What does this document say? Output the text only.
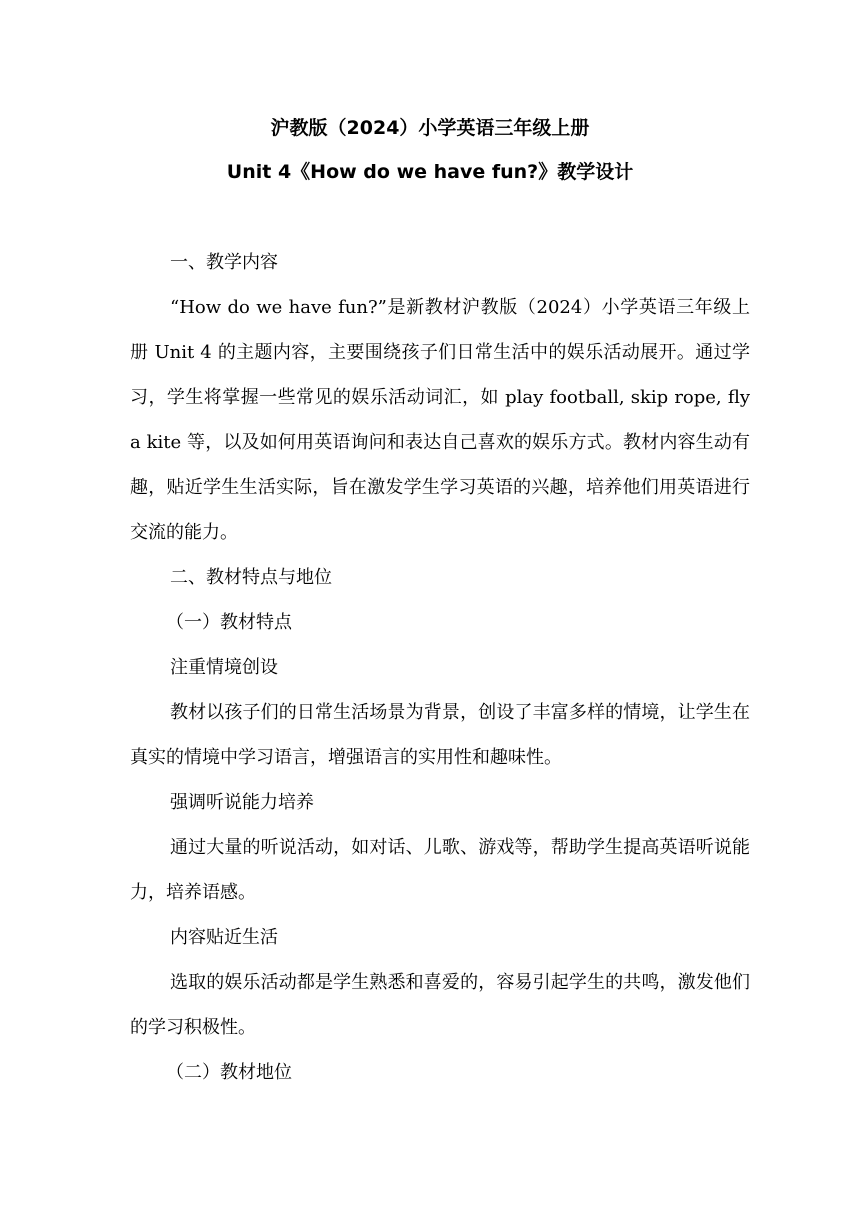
沪教版（2024）小学英语三年级上册
Unit 4《How do we have fun?》教学设计
一、教学内容
“How do we have fun?”是新教材沪教版（2024）小学英语三年级上册 Unit 4 的主题内容，主要围绕孩子们日常生活中的娱乐活动展开。通过学习，学生将掌握一些常见的娱乐活动词汇，如 play football, skip rope, fly a kite 等，以及如何用英语询问和表达自己喜欢的娱乐方式。教材内容生动有趣，贴近学生生活实际，旨在激发学生学习英语的兴趣，培养他们用英语进行交流的能力。
二、教材特点与地位
（一）教材特点
注重情境创设
教材以孩子们的日常生活场景为背景，创设了丰富多样的情境，让学生在真实的情境中学习语言，增强语言的实用性和趣味性。
强调听说能力培养
通过大量的听说活动，如对话、儿歌、游戏等，帮助学生提高英语听说能力，培养语感。
内容贴近生活
选取的娱乐活动都是学生熟悉和喜爱的，容易引起学生的共鸣，激发他们的学习积极性。
（二）教材地位
